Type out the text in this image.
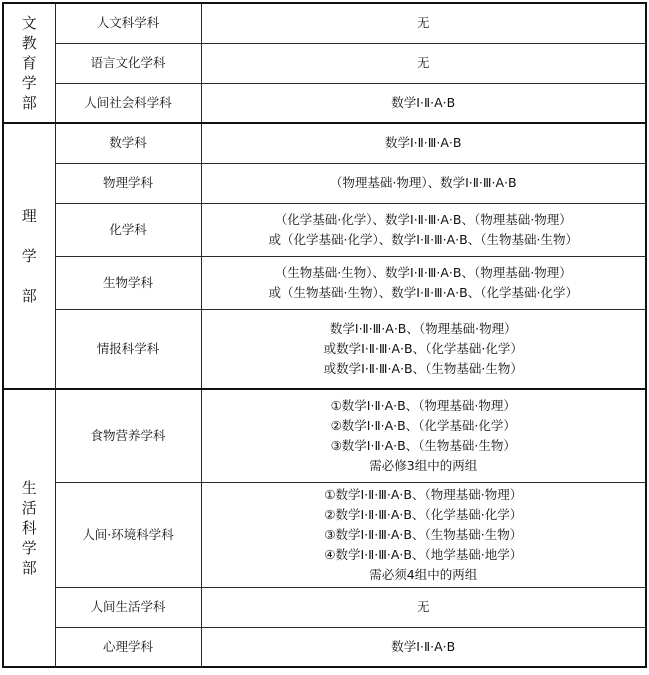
文教育学部	人文科学科	无

	语言文化学科	无

	人间社会科学科	数学Ⅰ·Ⅱ·A·B

理学部	数学科	数学Ⅰ·Ⅱ·Ⅲ·A·B

	物理学科	（物理基础·物理）、数学Ⅰ·Ⅱ·Ⅲ·A·B

	化学科	（化学基础·化学）、数学Ⅰ·Ⅱ·Ⅲ·A·B、（物理基础·物理）
或（化学基础·化学）、数学Ⅰ·Ⅱ·Ⅲ·A·B、（生物基础·生物）

	生物学科	（生物基础·生物）、数学Ⅰ·Ⅱ·Ⅲ·A·B、（物理基础·物理）
或（生物基础·生物）、数学Ⅰ·Ⅱ·Ⅲ·A·B、（化学基础·化学）

	情报科学科	数学Ⅰ·Ⅱ·Ⅲ·A·B、（物理基础·物理）
或数学Ⅰ·Ⅱ·Ⅲ·A·B、（化学基础·化学）
或数学Ⅰ·Ⅱ·Ⅲ·A·B、（生物基础·生物）

生活科学部	食物营养学科	①数学Ⅰ·Ⅱ·A·B、（物理基础·物理）
②数学Ⅰ·Ⅱ·A·B、（化学基础·化学）
③数学Ⅰ·Ⅱ·A·B、（生物基础·生物）
需必修3组中的两组

	人间·环境科学科	①数学Ⅰ·Ⅱ·Ⅲ·A·B、（物理基础·物理）
②数学Ⅰ·Ⅱ·Ⅲ·A·B、（化学基础·化学）
③数学Ⅰ·Ⅱ·Ⅲ·A·B、（生物基础·生物）
④数学Ⅰ·Ⅱ·Ⅲ·A·B、（地学基础·地学）
需必须4组中的两组

	人间生活学科	无

	心理学科	数学Ⅰ·Ⅱ·A·B
